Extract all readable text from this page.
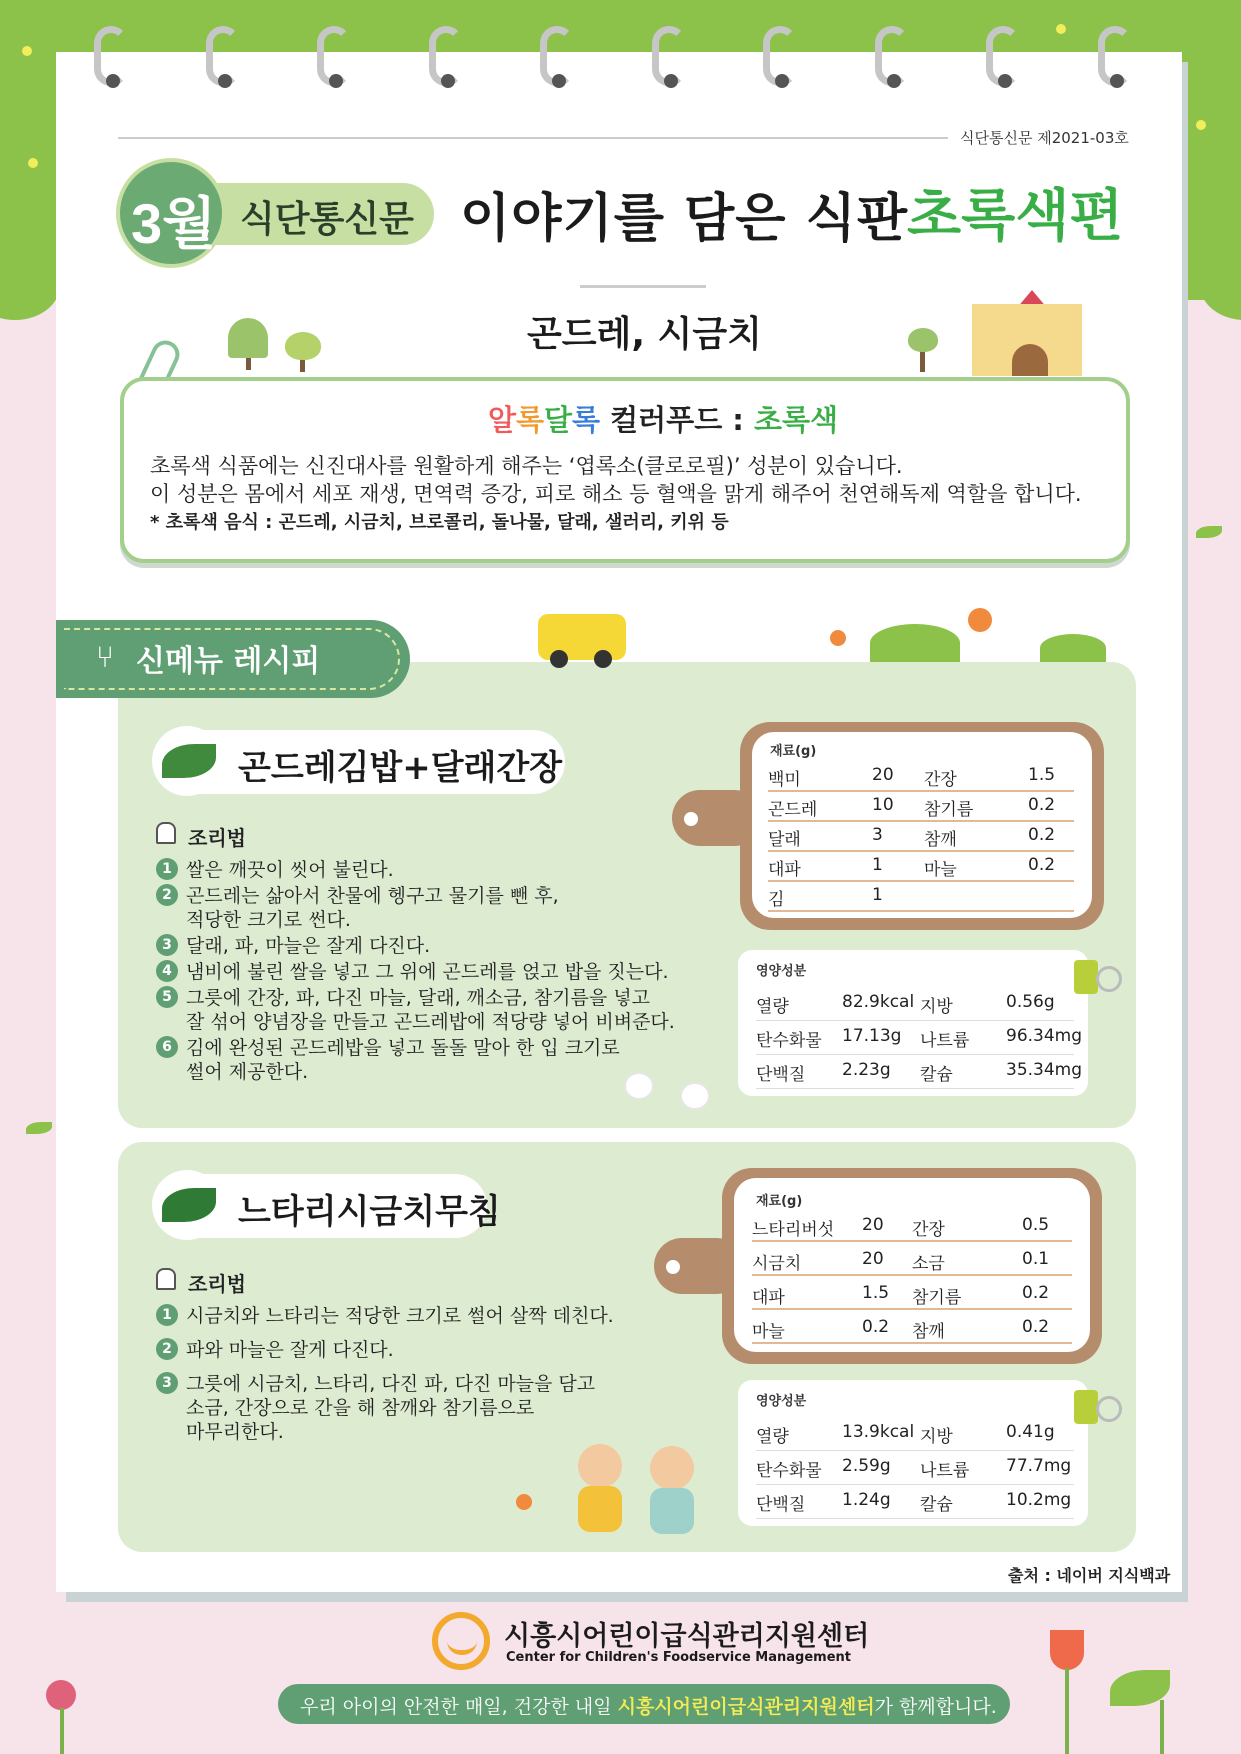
식단통신문 제2021-03호
3월 식단통신문 이야기를 담은 식판
초록색편
곤드레, 시금치
알록달록 컬러푸드 : 초록색
초록색 식품에는 신진대사를 원활하게 해주는 ‘엽록소(클로로필)’ 성분이 있습니다.
이 성분은 몸에서 세포 재생, 면역력 증강, 피로 해소 등 혈액을 맑게 해주어 천연해독제 역할을 합니다.
* 초록색 음식 : 곤드레, 시금치, 브로콜리, 돌나물, 달래, 샐러리, 키위 등
⑂ 신메뉴 레시피
곤드레김밥+달래간장
조리법
1 쌀은 깨끗이 씻어 불린다.
2 곤드레는 삶아서 찬물에 헹구고 물기를 뺀 후,
적당한 크기로 썬다.
3 달래, 파, 마늘은 잘게 다진다.
4 냄비에 불린 쌀을 넣고 그 위에 곤드레를 얹고 밥을 짓는다.
5 그릇에 간장, 파, 다진 마늘, 달래, 깨소금, 참기름을 넣고
잘 섞어 양념장을 만들고 곤드레밥에 적당량 넣어 비벼준다.
6 김에 완성된 곤드레밥을 넣고 돌돌 말아 한 입 크기로
썰어 제공한다.
재료(g)
백미	20 간장	1.5
곤드레	10 참기름	0.2
달래	3 참깨	0.2
대파	1 마늘	0.2
김	1
영양성분
열량	82.9kcal 지방	0.56g
탄수화물 17.13g 나트륨 96.34mg
단백질 2.23g 칼슘	35.34mg
느타리시금치무침
조리법
1 시금치와 느타리는 적당한 크기로 썰어 살짝 데친다.
2 파와 마늘은 잘게 다진다.
3 그릇에 시금치, 느타리, 다진 파, 다진 마늘을 담고
소금, 간장으로 간을 해 참깨와 참기름으로
마무리한다.
재료(g)
느타리버섯 20 간장	0.5
시금치	20 소금	0.1
대파	1.5 참기름	0.2
마늘	0.2 참깨	0.2
영양성분
열량	13.9kcal 지방	0.41g
탄수화물 2.59g 나트륨 77.7mg
단백질 1.24g 칼슘	10.2mg
출처 : 네이버 지식백과
시흥시어린이급식관리지원센터
Center for Children's Foodservice Management
우리 아이의 안전한 매일, 건강한 내일 시흥시어린이급식관리지원센터가 함께합니다.
